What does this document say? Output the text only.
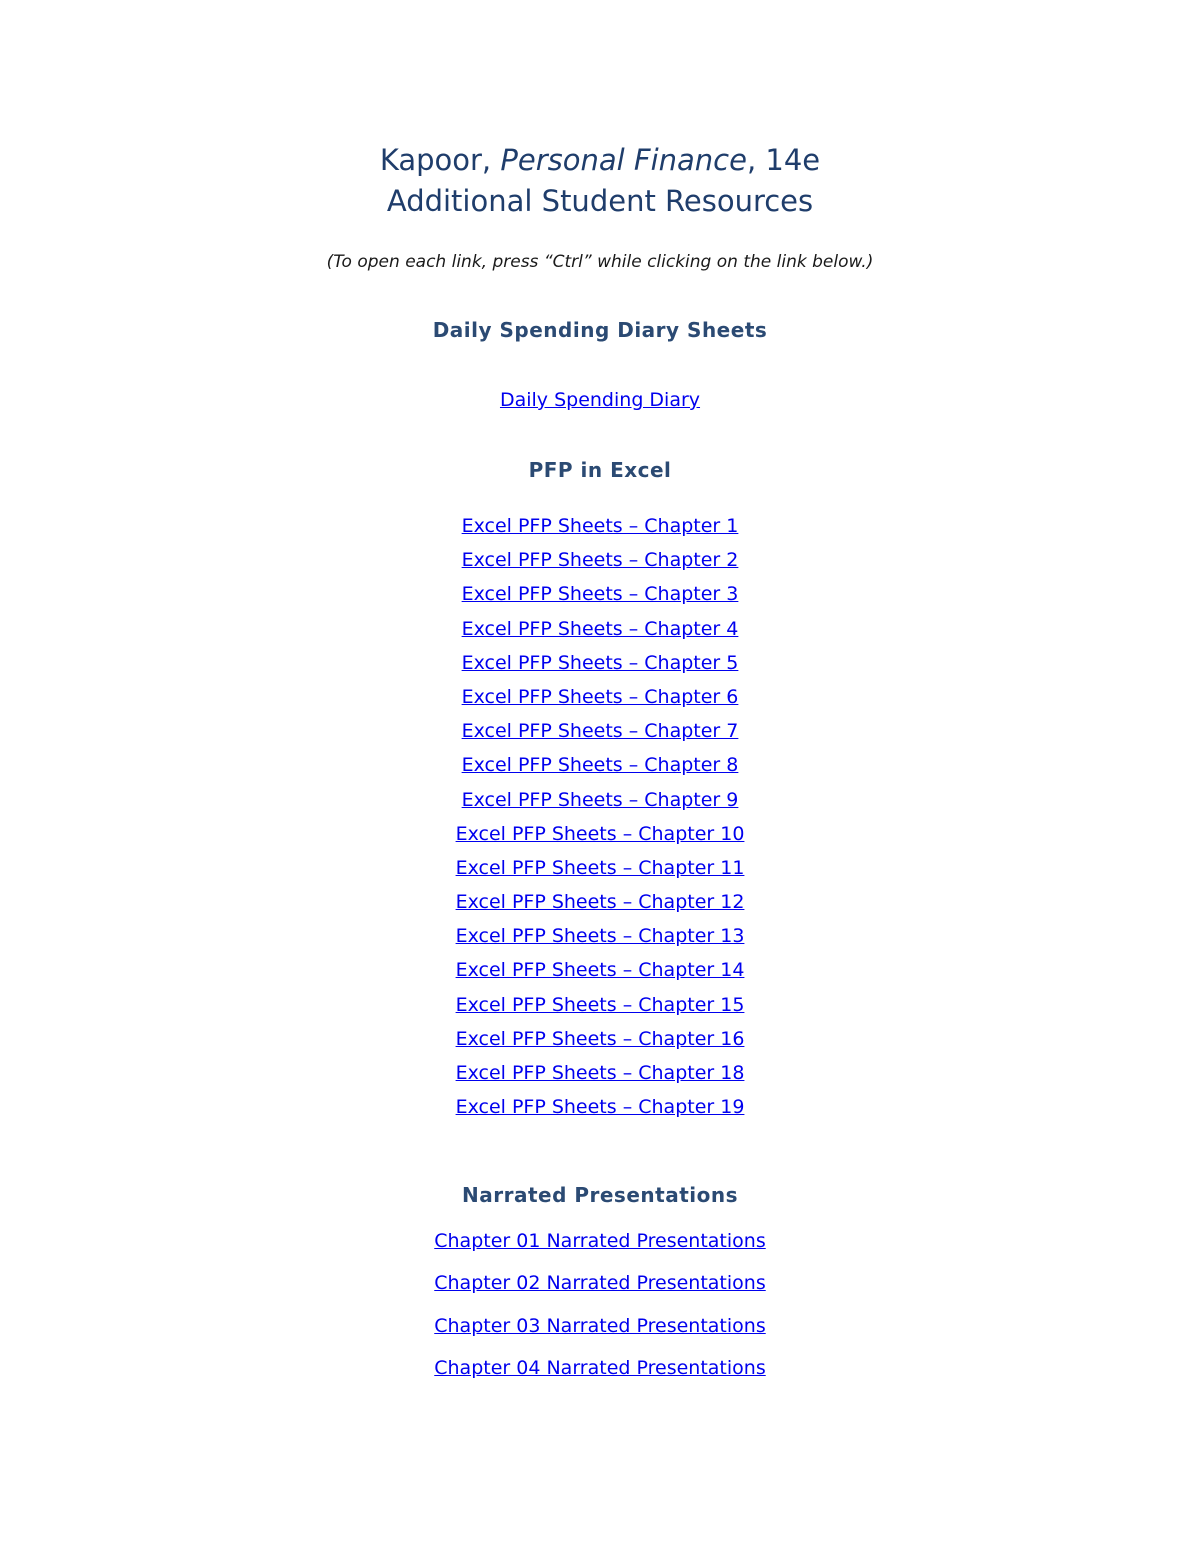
Kapoor, Personal Finance, 14e
Additional Student Resources
(To open each link, press “Ctrl” while clicking on the link below.)
Daily Spending Diary Sheets
Daily Spending Diary
PFP in Excel
Excel PFP Sheets – Chapter 1
Excel PFP Sheets – Chapter 2
Excel PFP Sheets – Chapter 3
Excel PFP Sheets – Chapter 4
Excel PFP Sheets – Chapter 5
Excel PFP Sheets – Chapter 6
Excel PFP Sheets – Chapter 7
Excel PFP Sheets – Chapter 8
Excel PFP Sheets – Chapter 9
Excel PFP Sheets – Chapter 10
Excel PFP Sheets – Chapter 11
Excel PFP Sheets – Chapter 12
Excel PFP Sheets – Chapter 13
Excel PFP Sheets – Chapter 14
Excel PFP Sheets – Chapter 15
Excel PFP Sheets – Chapter 16
Excel PFP Sheets – Chapter 18
Excel PFP Sheets – Chapter 19
Narrated Presentations
Chapter 01 Narrated Presentations
Chapter 02 Narrated Presentations
Chapter 03 Narrated Presentations
Chapter 04 Narrated Presentations
